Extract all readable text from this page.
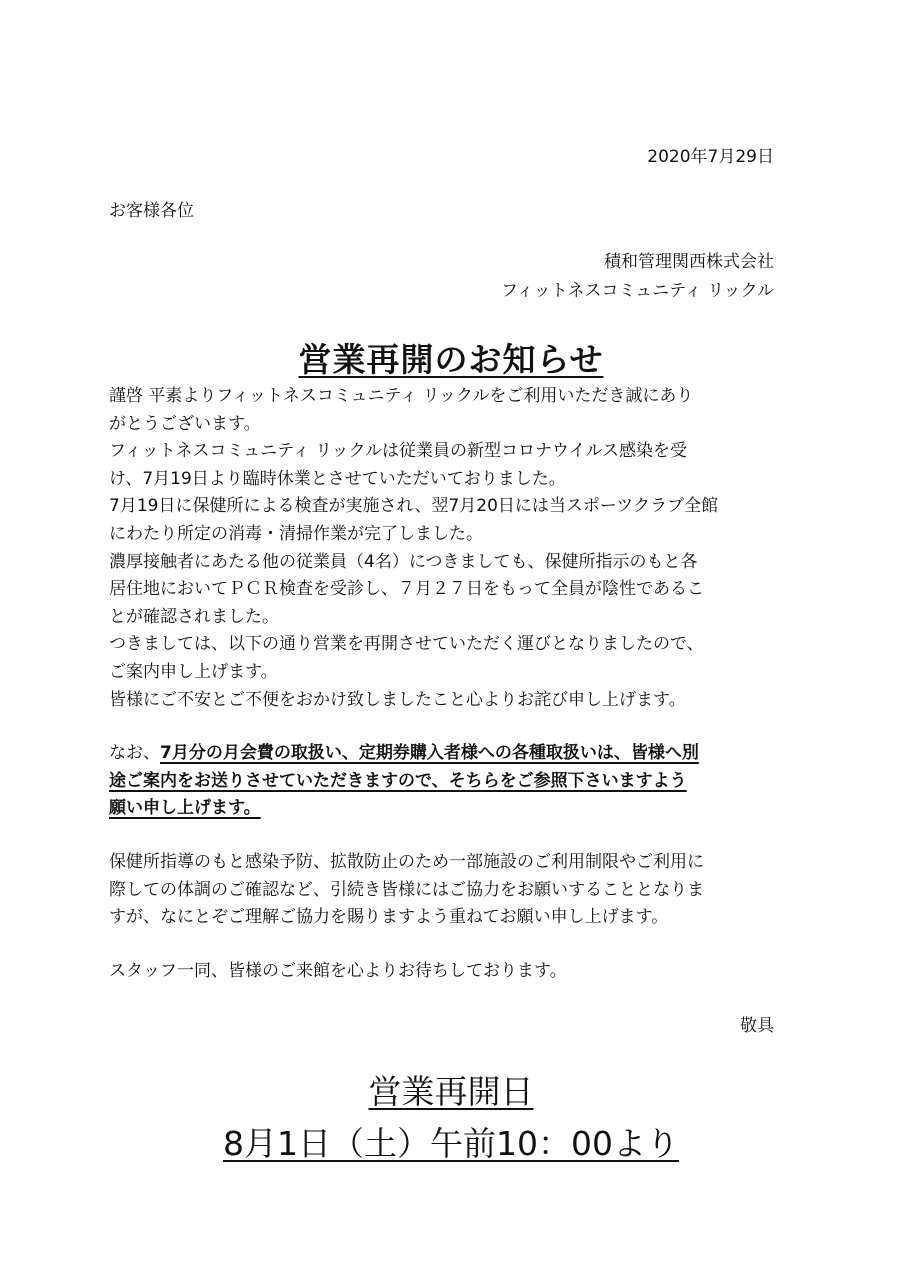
2020年7月29日
お客様各位
積和管理関西株式会社
フィットネスコミュニティ リックル
営業再開のお知らせ

謹啓 平素よりフィットネスコミュニティ リックルをご利用いただき誠にあり

がとうございます。

フィットネスコミュニティ リックルは従業員の新型コロナウイルス感染を受

け、7月19日より臨時休業とさせていただいておりました。

7月19日に保健所による検査が実施され、翌7月20日には当スポーツクラブ全館

にわたり所定の消毒・清掃作業が完了しました。

濃厚接触者にあたる他の従業員（4名）につきましても、保健所指示のもと各

居住地においてＰＣＲ検査を受診し、７月２７日をもって全員が陰性であるこ

とが確認されました。

つきましては、以下の通り営業を再開させていただく運びとなりましたので、

ご案内申し上げます。

皆様にご不安とご不便をおかけ致しましたこと心よりお詫び申し上げます。

なお、7月分の月会費の取扱い、定期券購入者様への各種取扱いは、皆様へ別

途ご案内をお送りさせていただきますので、そちらをご参照下さいますよう

願い申し上げます。

保健所指導のもと感染予防、拡散防止のため一部施設のご利用制限やご利用に

際しての体調のご確認など、引続き皆様にはご協力をお願いすることとなりま

すが、なにとぞご理解ご協力を賜りますよう重ねてお願い申し上げます。

スタッフ一同、皆様のご来館を心よりお待ちしております。

敬具
営業再開日
8月1日（土）午前10：00より
